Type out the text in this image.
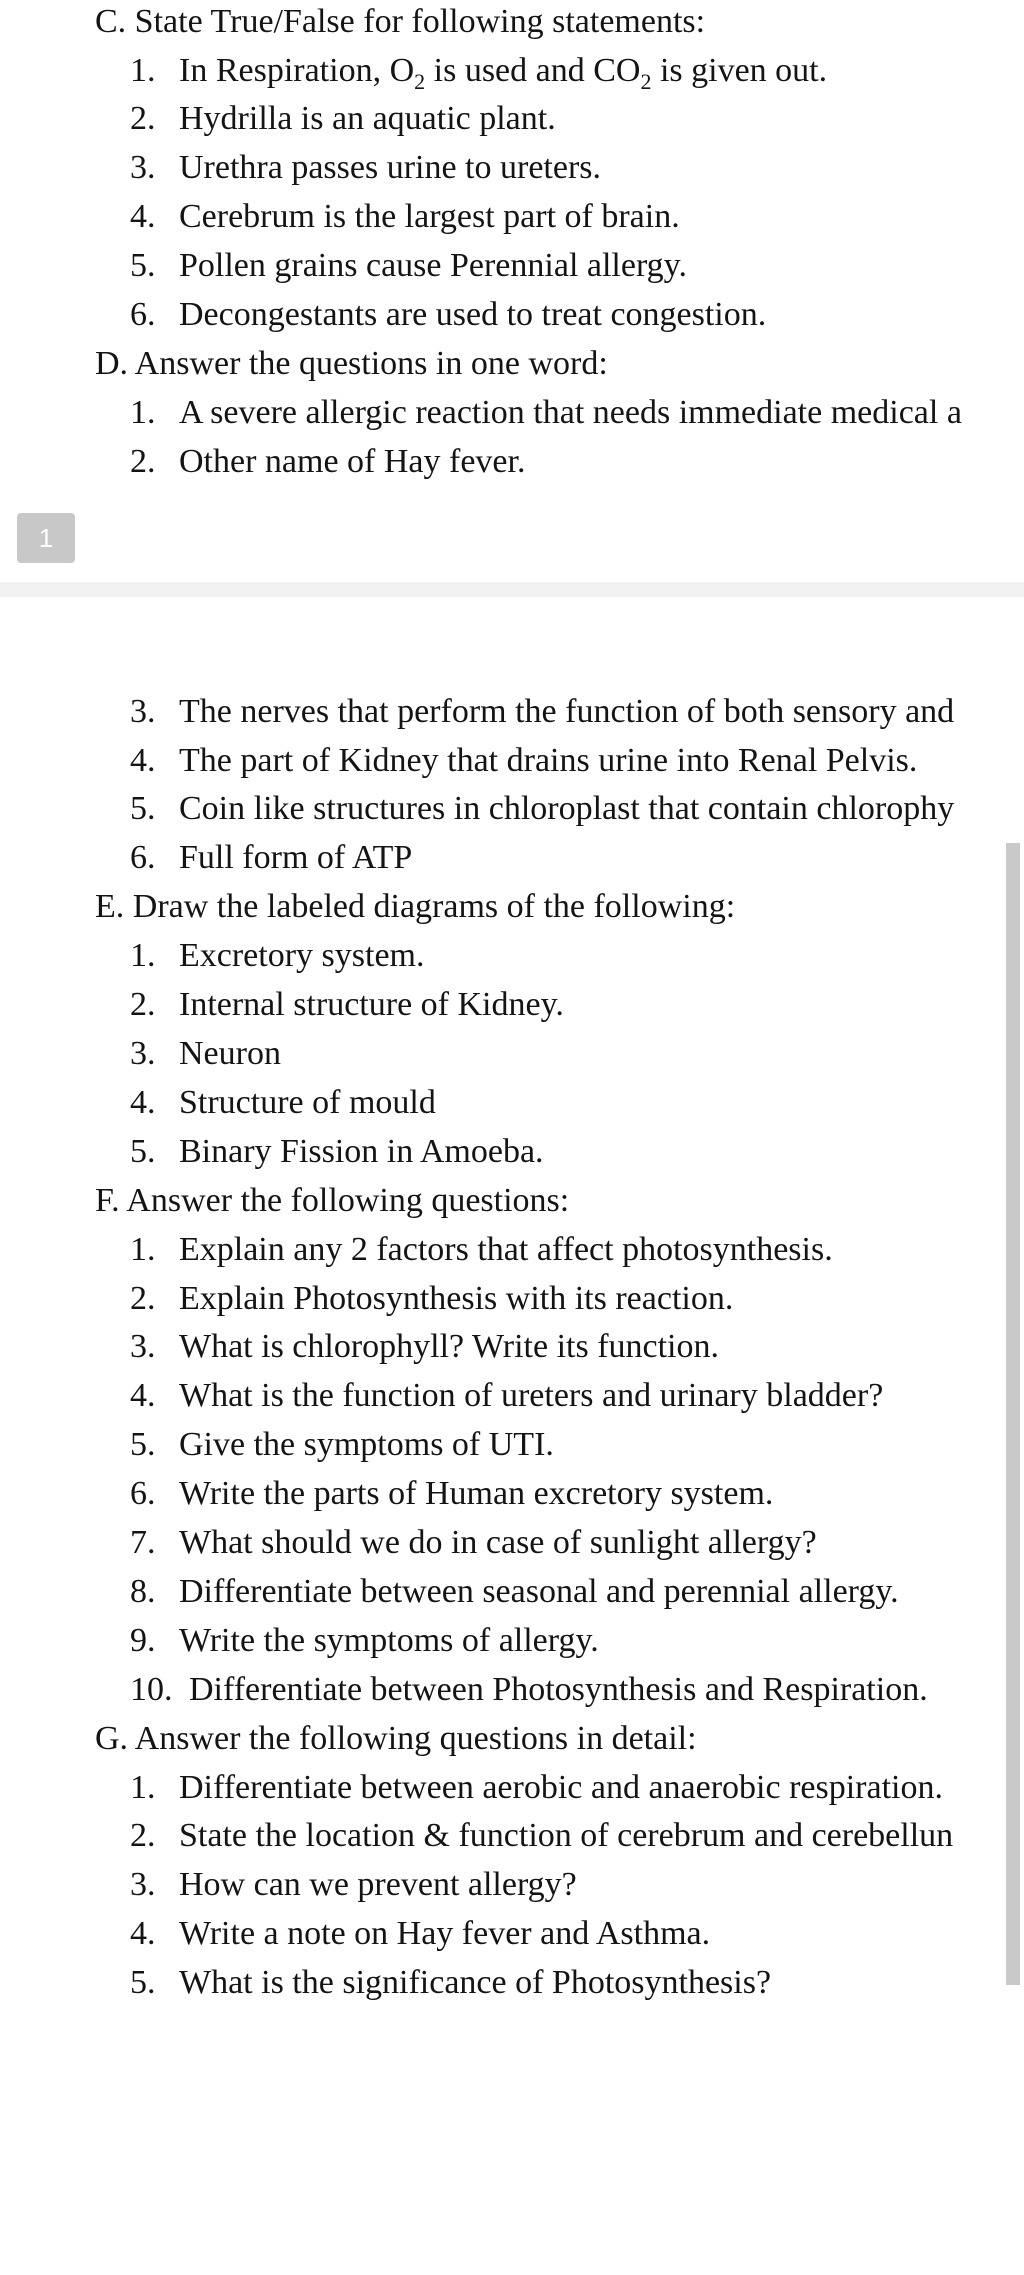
C. State True/False for following statements:
1. In Respiration, $O_2$ is used and $CO_2$ is given out.
2. Hydrilla is an aquatic plant.
3. Urethra passes urine to ureters.
4. Cerebrum is the largest part of brain.
5. Pollen grains cause Perennial allergy.
6. Decongestants are used to treat congestion.
D. Answer the questions in one word:
1. A severe allergic reaction that needs immediate medical a
2. Other name of Hay fever.
1
3. The nerves that perform the function of both sensory and
4. The part of Kidney that drains urine into Renal Pelvis.
5. Coin like structures in chloroplast that contain chlorophy
6. Full form of ATP
E. Draw the labeled diagrams of the following:
1. Excretory system.
2. Internal structure of Kidney.
3. Neuron
4. Structure of mould
5. Binary Fission in Amoeba.
F. Answer the following questions:
1. Explain any 2 factors that affect photosynthesis.
2. Explain Photosynthesis with its reaction.
3. What is chlorophyll? Write its function.
4. What is the function of ureters and urinary bladder?
5. Give the symptoms of UTI.
6. Write the parts of Human excretory system.
7. What should we do in case of sunlight allergy?
8. Differentiate between seasonal and perennial allergy.
9. Write the symptoms of allergy.
10. Differentiate between Photosynthesis and Respiration.
G. Answer the following questions in detail:
1. Differentiate between aerobic and anaerobic respiration.
2. State the location & function of cerebrum and cerebellun
3. How can we prevent allergy?
4. Write a note on Hay fever and Asthma.
5. What is the significance of Photosynthesis?
